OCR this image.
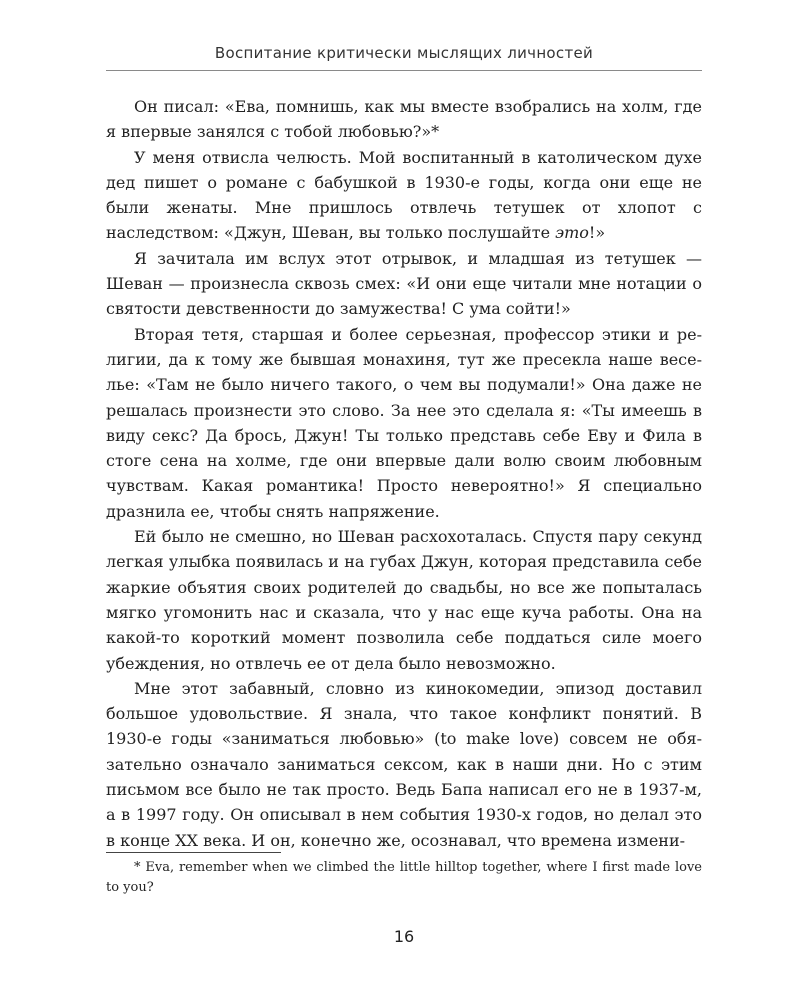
Воспитание критически мыслящих личностей

Он писал: «Ева, помнишь, как мы вместе взобрались на холм, где я впервые занялся с тобой любовью?»*

У меня отвисла челюсть. Мой воспитанный в католическом духе дед пишет о романе с бабушкой в 1930-е годы, когда они еще не были женаты. Мне пришлось отвлечь тетушек от хлопот с наследством: «Джун, Шеван, вы только послушайте это!»

Я зачитала им вслух этот отрывок, и младшая из тетушек — Шеван — произнесла сквозь смех: «И они еще читали мне нотации о святости девственности до замужества! С ума сойти!»

Вторая тетя, старшая и более серьезная, профессор этики и религии, да к тому же бывшая монахиня, тут же пресекла наше веселье: «Там не было ничего такого, о чем вы подумали!» Она даже не решалась произнести это слово. За нее это сделала я: «Ты имеешь в виду секс? Да брось, Джун! Ты только представь себе Еву и Фила в стоге сена на холме, где они впервые дали волю своим любовным чувствам. Какая романтика! Просто невероятно!» Я специально дразнила ее, чтобы снять напряжение.

Ей было не смешно, но Шеван расхохоталась. Спустя пару секунд легкая улыбка появилась и на губах Джун, которая представила себе жаркие объятия своих родителей до свадьбы, но все же попыталась мягко угомонить нас и сказала, что у нас еще куча работы. Она на какой-то короткий момент позволила себе поддаться силе моего убеждения, но отвлечь ее от дела было невозможно.

Мне этот забавный, словно из кинокомедии, эпизод доставил большое удовольствие. Я знала, что такое конфликт понятий. В 1930-е годы «заниматься любовью» (to make love) совсем не обязательно означало заниматься сексом, как в наши дни. Но с этим письмом все было не так просто. Ведь Бапа написал его не в 1937-м, а в 1997 году. Он описывал в нем события 1930-х годов, но делал это в конце XX века. И он, конечно же, осознавал, что времена измени-

* Eva, remember when we climbed the little hilltop together, where I first made love to you?

16
